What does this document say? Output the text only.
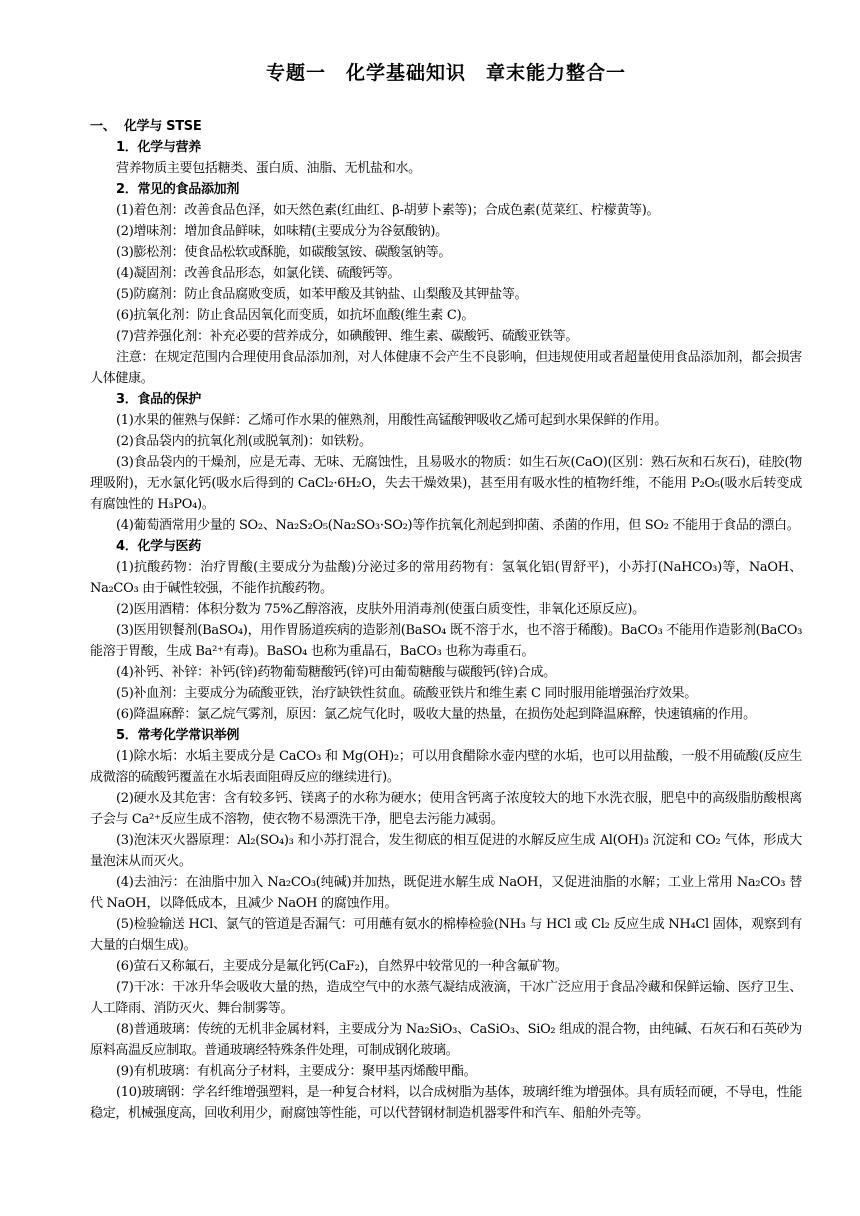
专题一　化学基础知识　章末能力整合一
一、  化学与 STSE
1．化学与营养
营养物质主要包括糖类、蛋白质、油脂、无机盐和水。
2．常见的食品添加剂
(1)着色剂：改善食品色泽，如天然色素(红曲红、β-胡萝卜素等)；合成色素(苋菜红、柠檬黄等)。
(2)增味剂：增加食品鲜味，如味精(主要成分为谷氨酸钠)。
(3)膨松剂：使食品松软或酥脆，如碳酸氢铵、碳酸氢钠等。
(4)凝固剂：改善食品形态，如氯化镁、硫酸钙等。
(5)防腐剂：防止食品腐败变质，如苯甲酸及其钠盐、山梨酸及其钾盐等。
(6)抗氧化剂：防止食品因氧化而变质，如抗坏血酸(维生素 C)。
(7)营养强化剂：补充必要的营养成分，如碘酸钾、维生素、碳酸钙、硫酸亚铁等。
注意：在规定范围内合理使用食品添加剂，对人体健康不会产生不良影响，但违规使用或者超量使用食品添加剂，都会损害人体健康。
3．食品的保护
(1)水果的催熟与保鲜：乙烯可作水果的催熟剂，用酸性高锰酸钾吸收乙烯可起到水果保鲜的作用。
(2)食品袋内的抗氧化剂(或脱氧剂)：如铁粉。
(3)食品袋内的干燥剂，应是无毒、无味、无腐蚀性，且易吸水的物质：如生石灰(CaO)(区别：熟石灰和石灰石)，硅胶(物理吸附)，无水氯化钙(吸水后得到的 CaCl₂·6H₂O，失去干燥效果)，甚至用有吸水性的植物纤维，不能用 P₂O₅(吸水后转变成有腐蚀性的 H₃PO₄)。
(4)葡萄酒常用少量的 SO₂、Na₂S₂O₅(Na₂SO₃·SO₂)等作抗氧化剂起到抑菌、杀菌的作用，但 SO₂ 不能用于食品的漂白。
4．化学与医药
(1)抗酸药物：治疗胃酸(主要成分为盐酸)分泌过多的常用药物有：氢氧化铝(胃舒平)，小苏打(NaHCO₃)等，NaOH、Na₂CO₃ 由于碱性较强，不能作抗酸药物。
(2)医用酒精：体积分数为 75%乙醇溶液，皮肤外用消毒剂(使蛋白质变性，非氧化还原反应)。
(3)医用钡餐剂(BaSO₄)，用作胃肠道疾病的造影剂(BaSO₄ 既不溶于水，也不溶于稀酸)。BaCO₃ 不能用作造影剂(BaCO₃ 能溶于胃酸，生成 Ba²⁺有毒)。BaSO₄ 也称为重晶石，BaCO₃ 也称为毒重石。
(4)补钙、补锌：补钙(锌)药物葡萄糖酸钙(锌)可由葡萄糖酸与碳酸钙(锌)合成。
(5)补血剂：主要成分为硫酸亚铁，治疗缺铁性贫血。硫酸亚铁片和维生素 C 同时服用能增强治疗效果。
(6)降温麻醉：氯乙烷气雾剂，原因：氯乙烷气化时，吸收大量的热量，在损伤处起到降温麻醉，快速镇痛的作用。
5．常考化学常识举例
(1)除水垢：水垢主要成分是 CaCO₃ 和 Mg(OH)₂；可以用食醋除水壶内壁的水垢，也可以用盐酸，一般不用硫酸(反应生成微溶的硫酸钙覆盖在水垢表面阻碍反应的继续进行)。
(2)硬水及其危害：含有较多钙、镁离子的水称为硬水；使用含钙离子浓度较大的地下水洗衣服，肥皂中的高级脂肪酸根离子会与 Ca²⁺反应生成不溶物，使衣物不易漂洗干净，肥皂去污能力减弱。
(3)泡沫灭火器原理：Al₂(SO₄)₃ 和小苏打混合，发生彻底的相互促进的水解反应生成 Al(OH)₃ 沉淀和 CO₂ 气体，形成大量泡沫从而灭火。
(4)去油污：在油脂中加入 Na₂CO₃(纯碱)并加热，既促进水解生成 NaOH，又促进油脂的水解；工业上常用 Na₂CO₃ 替代 NaOH，以降低成本，且减少 NaOH 的腐蚀作用。
(5)检验输送 HCl、氯气的管道是否漏气：可用蘸有氨水的棉棒检验(NH₃ 与 HCl 或 Cl₂ 反应生成 NH₄Cl 固体，观察到有大量的白烟生成)。
(6)萤石又称氟石，主要成分是氟化钙(CaF₂)，自然界中较常见的一种含氟矿物。
(7)干冰：干冰升华会吸收大量的热，造成空气中的水蒸气凝结成液滴，干冰广泛应用于食品冷藏和保鲜运输、医疗卫生、人工降雨、消防灭火、舞台制雾等。
(8)普通玻璃：传统的无机非金属材料，主要成分为 Na₂SiO₃、CaSiO₃、SiO₂ 组成的混合物，由纯碱、石灰石和石英砂为原料高温反应制取。普通玻璃经特殊条件处理，可制成钢化玻璃。
(9)有机玻璃：有机高分子材料，主要成分：聚甲基丙烯酸甲酯。
(10)玻璃钢：学名纤维增强塑料，是一种复合材料，以合成树脂为基体，玻璃纤维为增强体。具有质轻而硬，不导电，性能稳定，机械强度高，回收利用少，耐腐蚀等性能，可以代替钢材制造机器零件和汽车、船舶外壳等。
